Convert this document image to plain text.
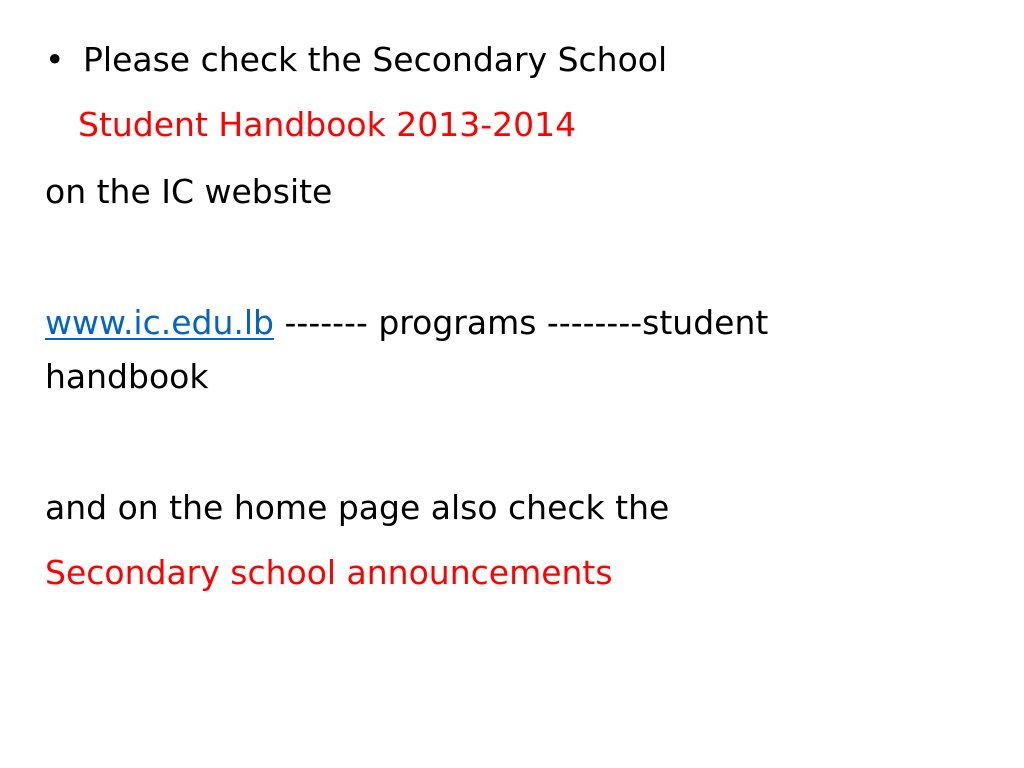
• Please check the Secondary School
Student Handbook 2013-2014
on the IC website
www.ic.edu.lb ------- programs --------student
handbook
and on the home page also check the
Secondary school announcements
